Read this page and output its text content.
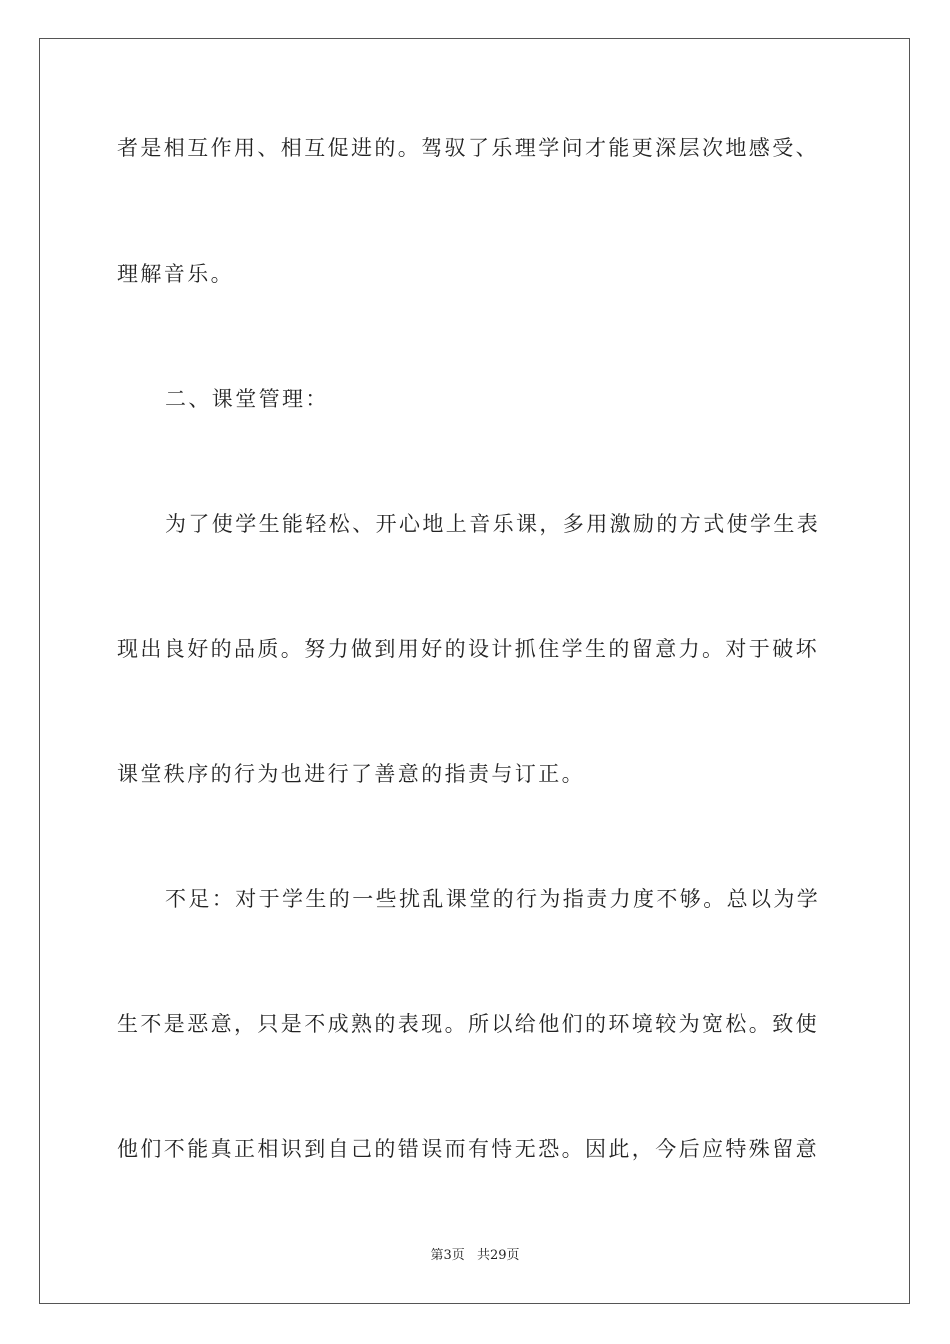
者是相互作用、相互促进的。驾驭了乐理学问才能更深层次地感受、
理解音乐。
二、课堂管理：
为了使学生能轻松、开心地上音乐课，多用激励的方式使学生表
现出良好的品质。努力做到用好的设计抓住学生的留意力。对于破坏
课堂秩序的行为也进行了善意的指责与订正。
不足：对于学生的一些扰乱课堂的行为指责力度不够。总以为学
生不是恶意，只是不成熟的表现。所以给他们的环境较为宽松。致使
他们不能真正相识到自己的错误而有恃无恐。因此，今后应特殊留意
第3页 共29页
